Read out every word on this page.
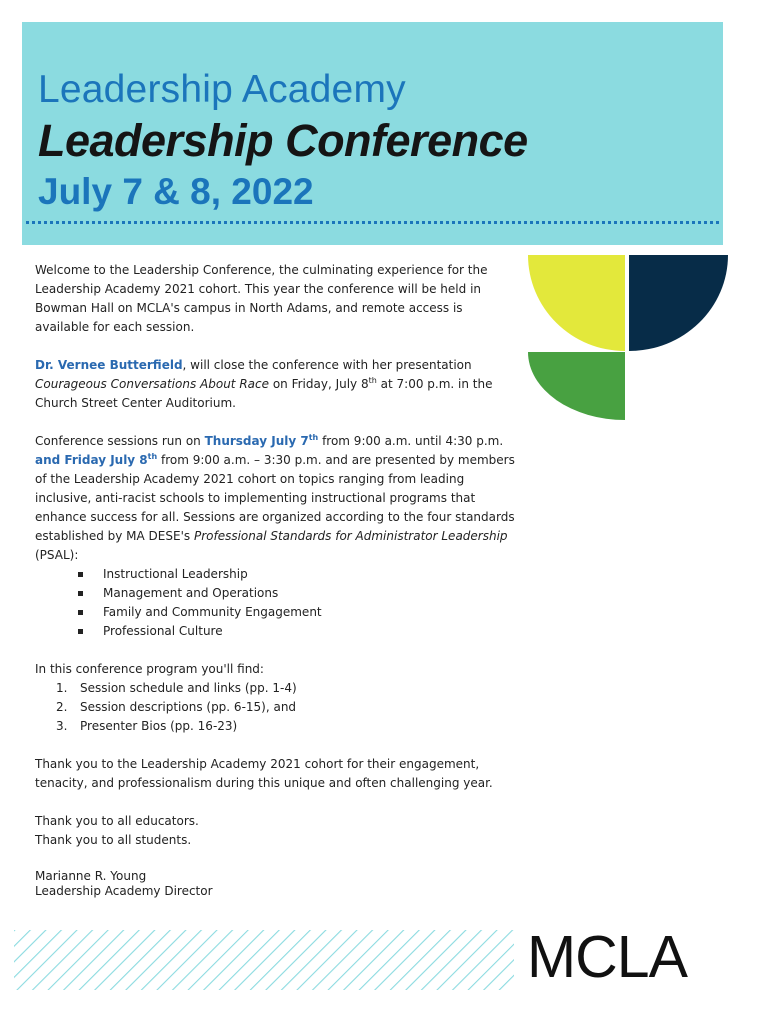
Leadership Academy
Leadership Conference
July 7 & 8, 2022

Welcome to the Leadership Conference, the culminating experience for the Leadership Academy 2021 cohort. This year the conference will be held in Bowman Hall on MCLA's campus in North Adams, and remote access is available for each session.

Dr. Vernee Butterfield, will close the conference with her presentation Courageous Conversations About Race on Friday, July 8th at 7:00 p.m. in the Church Street Center Auditorium.

Conference sessions run on Thursday July 7th from 9:00 a.m. until 4:30 p.m. and Friday July 8th from 9:00 a.m. – 3:30 p.m. and are presented by members of the Leadership Academy 2021 cohort on topics ranging from leading inclusive, anti-racist schools to implementing instructional programs that enhance success for all. Sessions are organized according to the four standards established by MA DESE's Professional Standards for Administrator Leadership (PSAL):

Instructional Leadership
Management and Operations
Family and Community Engagement
Professional Culture

In this conference program you'll find:

1.	Session schedule and links (pp. 1-4)
2.	Session descriptions (pp. 6-15), and
3.	Presenter Bios (pp. 16-23)

Thank you to the Leadership Academy 2021 cohort for their engagement, tenacity, and professionalism during this unique and often challenging year.

Thank you to all educators.

Thank you to all students.

Marianne R. Young

Leadership Academy Director

MCLA
